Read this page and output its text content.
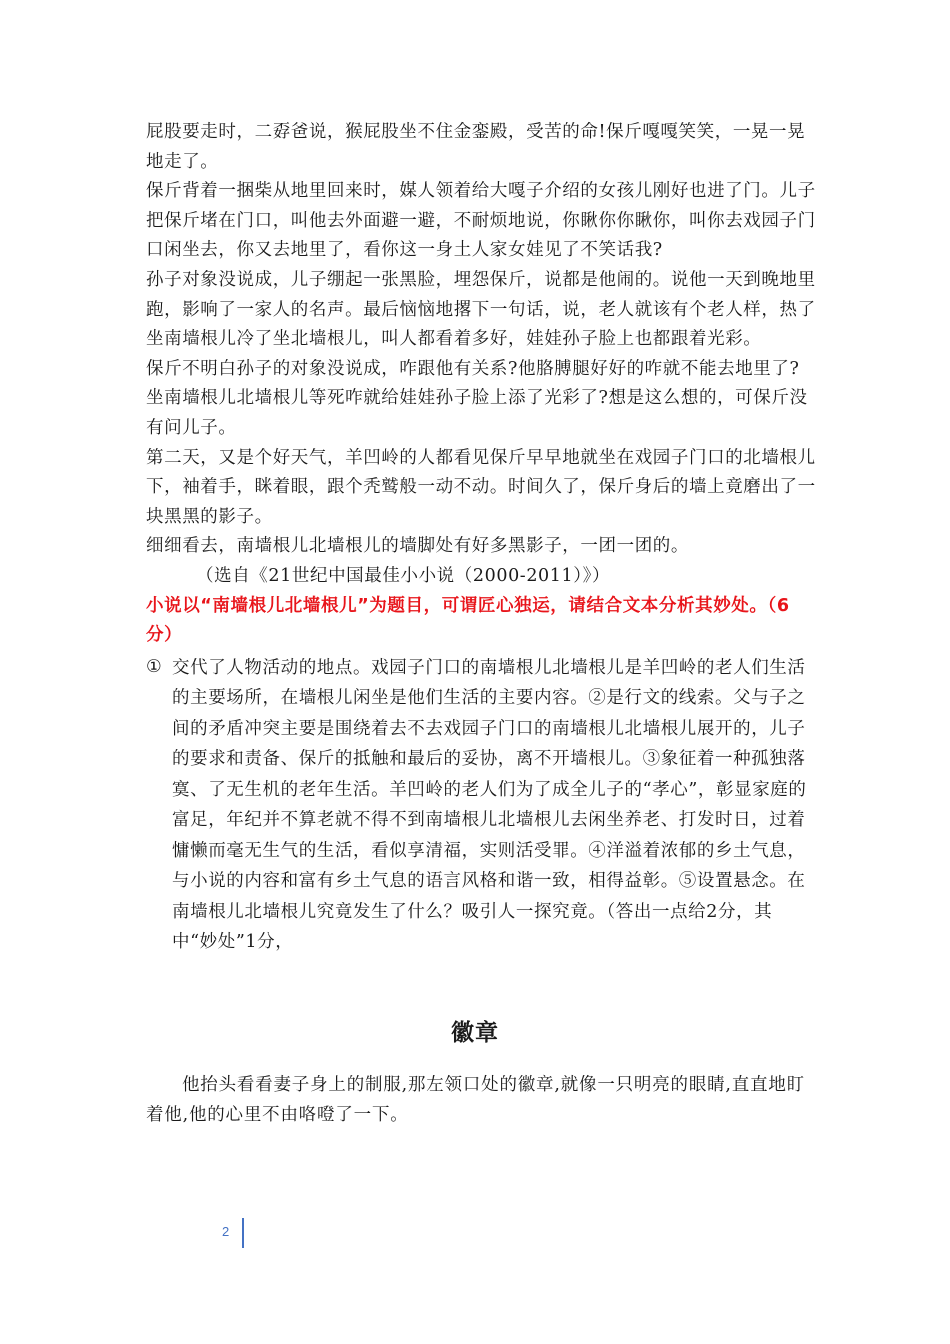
屁股要走时，二孬爸说，猴屁股坐不住金銮殿，受苦的命!保斤嘎嘎笑笑，一晃一晃地走了。

保斤背着一捆柴从地里回来时，媒人领着给大嘎子介绍的女孩儿刚好也进了门。儿子把保斤堵在门口，叫他去外面避一避，不耐烦地说，你瞅你你瞅你，叫你去戏园子门口闲坐去，你又去地里了，看你这一身土人家女娃见了不笑话我?

孙子对象没说成，儿子绷起一张黑脸，埋怨保斤，说都是他闹的。说他一天到晚地里跑，影响了一家人的名声。最后恼恼地撂下一句话，说，老人就该有个老人样，热了坐南墙根儿冷了坐北墙根儿，叫人都看着多好，娃娃孙子脸上也都跟着光彩。

保斤不明白孙子的对象没说成，咋跟他有关系?他胳膊腿好好的咋就不能去地里了?坐南墙根儿北墙根儿等死咋就给娃娃孙子脸上添了光彩了?想是这么想的，可保斤没有问儿子。

第二天，又是个好天气，羊凹岭的人都看见保斤早早地就坐在戏园子门口的北墙根儿下，袖着手，眯着眼，跟个秃鹫般一动不动。时间久了，保斤身后的墙上竟磨出了一块黑黑的影子。

细细看去，南墙根儿北墙根儿的墙脚处有好多黑影子，一团一团的。

（选自《21世纪中国最佳小小说（2000-2011）》）

小说以“南墙根儿北墙根儿”为题目，可谓匠心独运，请结合文本分析其妙处。（6分）

① 交代了人物活动的地点。戏园子门口的南墙根儿北墙根儿是羊凹岭的老人们生活的主要场所，在墙根儿闲坐是他们生活的主要内容。②是行文的线索。父与子之间的矛盾冲突主要是围绕着去不去戏园子门口的南墙根儿北墙根儿展开的，儿子的要求和责备、保斤的抵触和最后的妥协，离不开墙根儿。③象征着一种孤独落寞、了无生机的老年生活。羊凹岭的老人们为了成全儿子的“孝心”，彰显家庭的富足，年纪并不算老就不得不到南墙根儿北墙根儿去闲坐养老、打发时日，过着慵懒而毫无生气的生活，看似享清福，实则活受罪。④洋溢着浓郁的乡土气息，与小说的内容和富有乡土气息的语言风格和谐一致，相得益彰。⑤设置悬念。在南墙根儿北墙根儿究竟发生了什么？吸引人一探究竟。（答出一点给2分，其中“妙处”1分，
徽章

他抬头看看妻子身上的制服,那左领口处的徽章,就像一只明亮的眼睛,直直地盯着他,他的心里不由咯噔了一下。

2
